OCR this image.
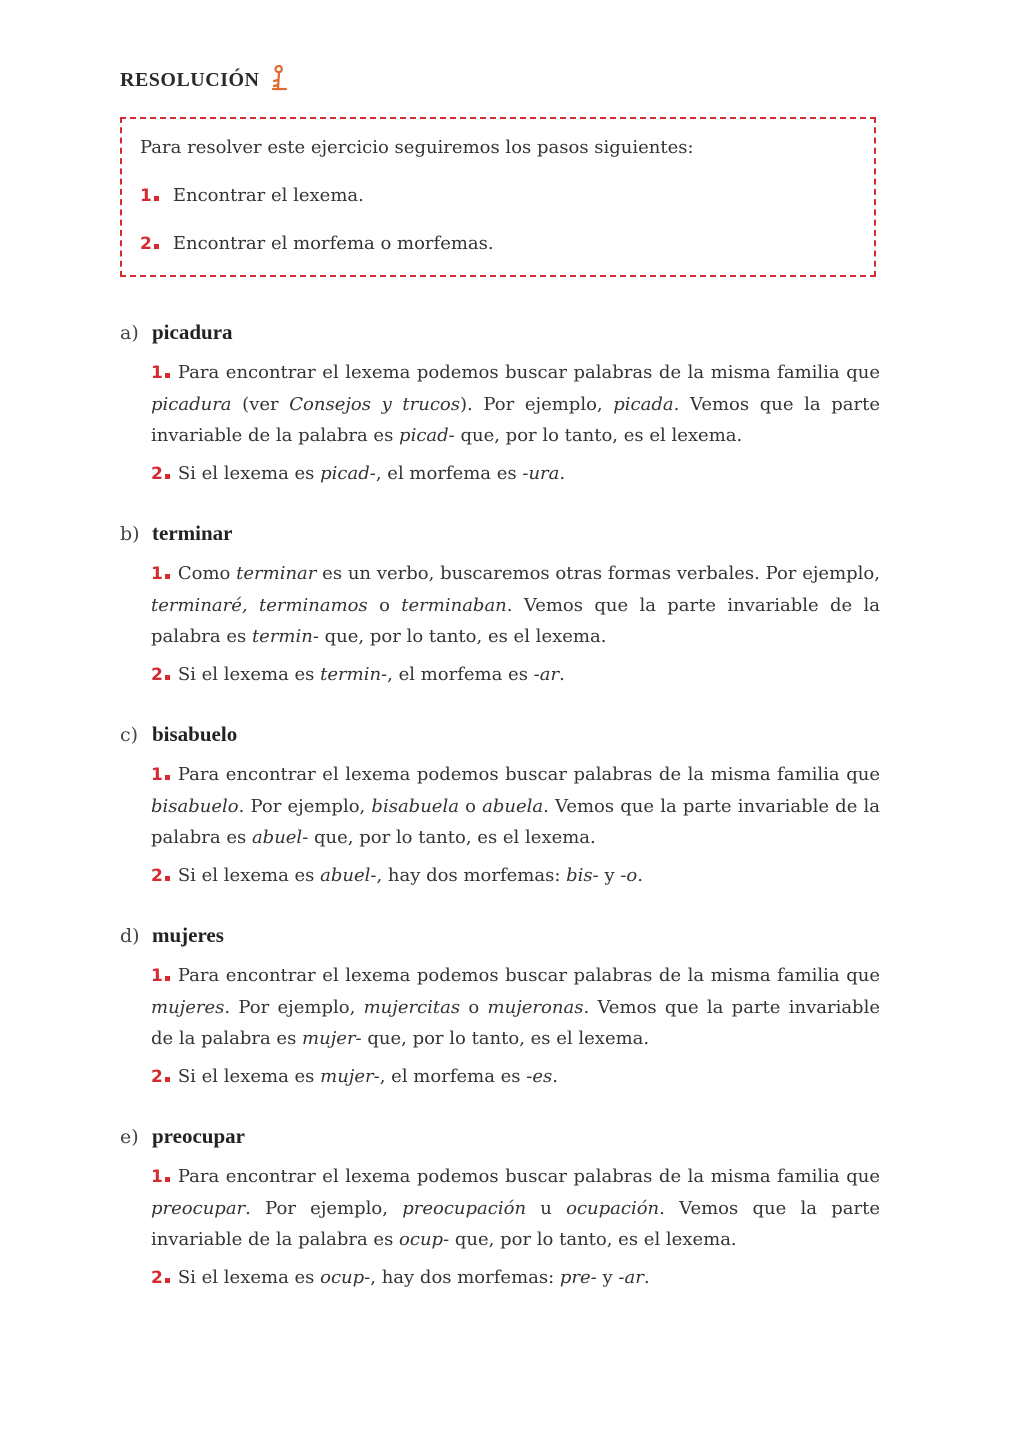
RESOLUCIÓN
Para resolver este ejercicio seguiremos los pasos siguientes:
1	Encontrar el lexema.
2	Encontrar el morfema o morfemas.
a) picadura
1 Para encontrar el lexema podemos buscar palabras de la misma familia que picadura (ver Consejos y trucos). Por ejemplo, picada. Vemos que la parte invariable de la palabra es picad- que, por lo tanto, es el lexema.
2 Si el lexema es picad-, el morfema es -ura.
b) terminar
1 Como terminar es un verbo, buscaremos otras formas verbales. Por ejemplo, terminaré, terminamos o terminaban. Vemos que la parte invariable de la palabra es termin- que, por lo tanto, es el lexema.
2 Si el lexema es termin-, el morfema es -ar.
c) bisabuelo
1 Para encontrar el lexema podemos buscar palabras de la misma familia que bisabuelo. Por ejemplo, bisabuela o abuela. Vemos que la parte invariable de la palabra es abuel- que, por lo tanto, es el lexema.
2 Si el lexema es abuel-, hay dos morfemas: bis- y -o.
d) mujeres
1 Para encontrar el lexema podemos buscar palabras de la misma familia que mujeres. Por ejemplo, mujercitas o mujeronas. Vemos que la parte invariable de la palabra es mujer- que, por lo tanto, es el lexema.
2 Si el lexema es mujer-, el morfema es -es.
e) preocupar
1 Para encontrar el lexema podemos buscar palabras de la misma familia que preocupar. Por ejemplo, preocupación u ocupación. Vemos que la parte invariable de la palabra es ocup- que, por lo tanto, es el lexema.
2 Si el lexema es ocup-, hay dos morfemas: pre- y -ar.
